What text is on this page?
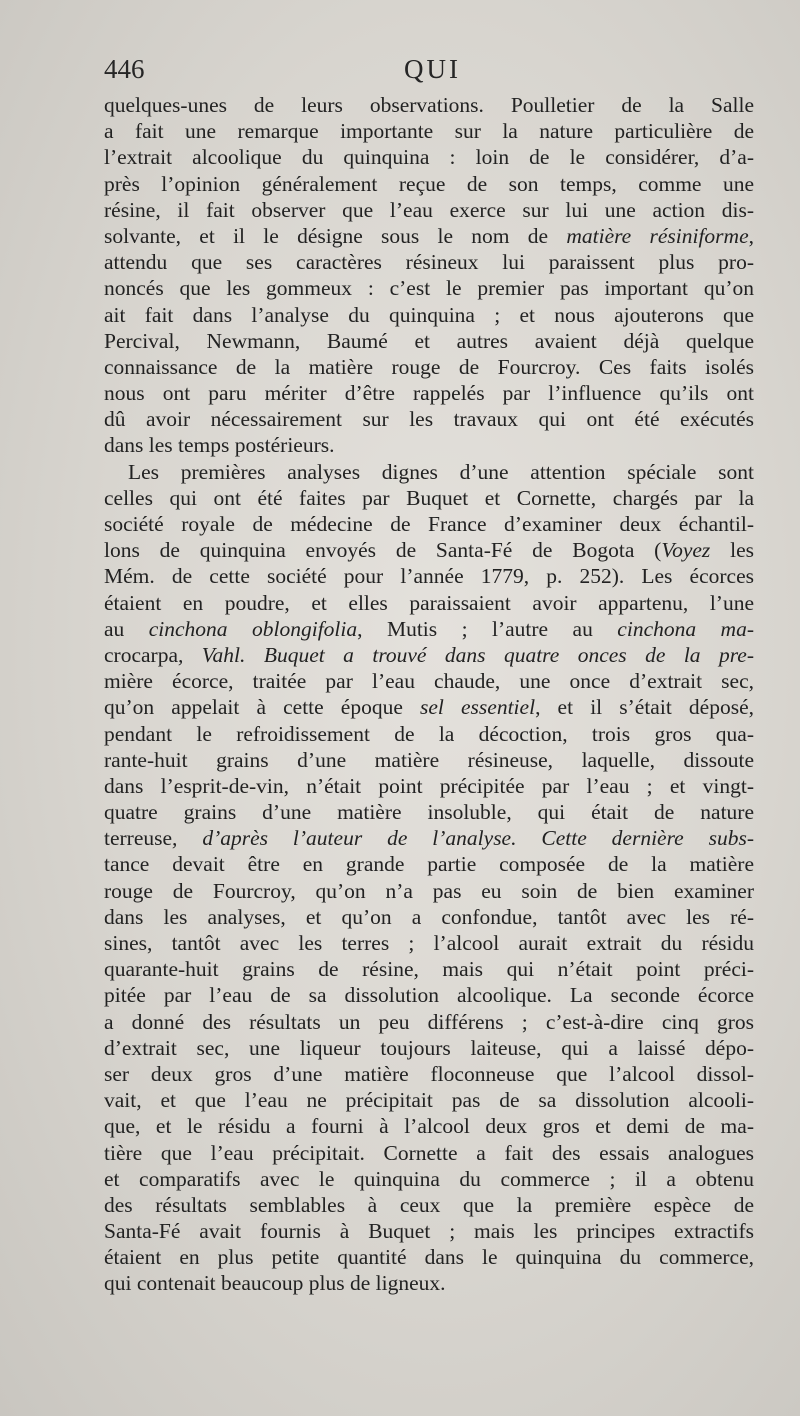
446	QUI
quelques-unes de leurs observations. Poulletier de la Salle
a fait une remarque importante sur la nature particulière de
l’extrait alcoolique du quinquina : loin de le considérer, d’a-
près l’opinion généralement reçue de son temps, comme une
résine, il fait observer que l’eau exerce sur lui une action dis-
solvante, et il le désigne sous le nom de matière résiniforme,
attendu que ses caractères résineux lui paraissent plus pro-
noncés que les gommeux : c’est le premier pas important qu’on
ait fait dans l’analyse du quinquina ; et nous ajouterons que
Percival, Newmann, Baumé et autres avaient déjà quelque
connaissance de la matière rouge de Fourcroy. Ces faits isolés
nous ont paru mériter d’être rappelés par l’influence qu’ils ont
dû avoir nécessairement sur les travaux qui ont été exécutés
dans les temps postérieurs.
Les premières analyses dignes d’une attention spéciale sont
celles qui ont été faites par Buquet et Cornette, chargés par la
société royale de médecine de France d’examiner deux échantil-
lons de quinquina envoyés de Santa-Fé de Bogota (Voyez les
Mém. de cette société pour l’année 1779, p. 252). Les écorces
étaient en poudre, et elles paraissaient avoir appartenu, l’une
au cinchona oblongifolia, Mutis ; l’autre au cinchona ma-
crocarpa, Vahl. Buquet a trouvé dans quatre onces de la pre-
mière écorce, traitée par l’eau chaude, une once d’extrait sec,
qu’on appelait à cette époque sel essentiel, et il s’était déposé,
pendant le refroidissement de la décoction, trois gros qua-
rante-huit grains d’une matière résineuse, laquelle, dissoute
dans l’esprit-de-vin, n’était point précipitée par l’eau ; et vingt-
quatre grains d’une matière insoluble, qui était de nature
terreuse, d’après l’auteur de l’analyse. Cette dernière subs-
tance devait être en grande partie composée de la matière
rouge de Fourcroy, qu’on n’a pas eu soin de bien examiner
dans les analyses, et qu’on a confondue, tantôt avec les ré-
sines, tantôt avec les terres ; l’alcool aurait extrait du résidu
quarante-huit grains de résine, mais qui n’était point préci-
pitée par l’eau de sa dissolution alcoolique. La seconde écorce
a donné des résultats un peu différens ; c’est-à-dire cinq gros
d’extrait sec, une liqueur toujours laiteuse, qui a laissé dépo-
ser deux gros d’une matière floconneuse que l’alcool dissol-
vait, et que l’eau ne précipitait pas de sa dissolution alcooli-
que, et le résidu a fourni à l’alcool deux gros et demi de ma-
tière que l’eau précipitait. Cornette a fait des essais analogues
et comparatifs avec le quinquina du commerce ; il a obtenu
des résultats semblables à ceux que la première espèce de
Santa-Fé avait fournis à Buquet ; mais les principes extractifs
étaient en plus petite quantité dans le quinquina du commerce,
qui contenait beaucoup plus de ligneux.
